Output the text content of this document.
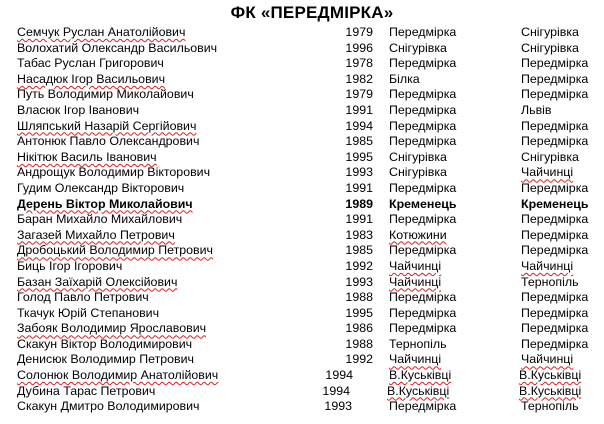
ФК «ПЕРЕДМІРКА»
Семчук Руслан Анатолійович	1979 Передмірка	Снігурівка
Волохатий Олександр Васильович	1996 Снігурівка	Снігурівка
Табас Руслан Григорович	1978 Передмірка	Передмірка
Насадюк Ігор Васильович	1982 Білка	Передмірка
Путь Володимир Миколайович	1979 Передмірка	Передмірка
Власюк Ігор Іванович	1991 Передмірка	Львів
Шляпський Назарій Сергійович	1994 Передмірка	Передмірка
Антонюк Павло Олександрович	1985 Передмірка	Передмірка
Нікітюк Василь Іванович	1995 Снігурівка	Снігурівка
Андрощук Володимир Вікторович	1993 Снігурівка	Чайчинці
Гудим Олександр Вікторович	1991 Передмірка	Передмірка
Дерень Віктор Миколайович	1989 Кременець	Кременець
Баран Михайло Михайлович	1991 Передмірка	Передмірка
Загазей Михайло Петрович	1983 Котюжини	Передмірка
Дробоцький Володимир Петрович	1985 Передмірка	Передмірка
Биць Ігор Ігорович	1992 Чайчинці	Чайчинці
Базан Заїхарій Олексійович	1993 Чайчинці	Тернопіль
Голод Павло Петрович	1988 Передмірка	Передмірка
Ткачук Юрій Степанович	1995 Передмірка	Передмірка
Забояк Володимир Ярославович	1986 Передмірка	Передмірка
Скакун Віктор Володимирович	1988 Тернопіль	Передмірка
Денисюк Володимир Петрович	1992 Чайчинці	Чайчинці
Солонюк Володимир Анатолійович	1994	В.Куськівці	В.Куськівці
Дубина Тарас Петрович	1994	В.Куськівці	В.Куськівці
Скакун Дмитро Володимирович	1993	Передмірка	Тернопіль
